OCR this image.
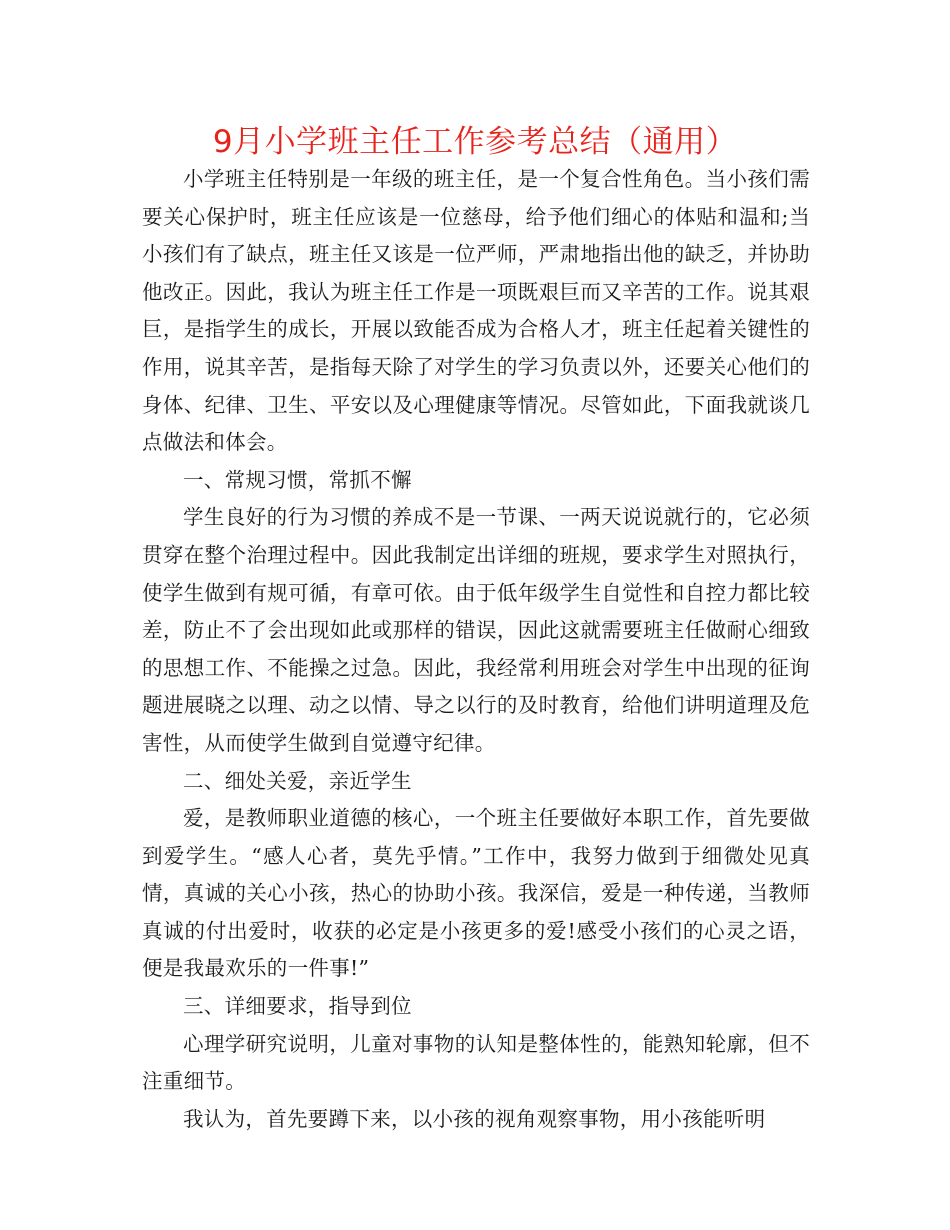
9月小学班主任工作参考总结（通用）

小学班主任特别是一年级的班主任，是一个复合性角色。当小孩们需要关心保护时，班主任应该是一位慈母，给予他们细心的体贴和温和;当小孩们有了缺点，班主任又该是一位严师，严肃地指出他的缺乏，并协助他改正。因此，我认为班主任工作是一项既艰巨而又辛苦的工作。说其艰巨，是指学生的成长，开展以致能否成为合格人才，班主任起着关键性的作用，说其辛苦，是指每天除了对学生的学习负责以外，还要关心他们的身体、纪律、卫生、平安以及心理健康等情况。尽管如此，下面我就谈几点做法和体会。

一、常规习惯，常抓不懈

学生良好的行为习惯的养成不是一节课、一两天说说就行的，它必须贯穿在整个治理过程中。因此我制定出详细的班规，要求学生对照执行，使学生做到有规可循，有章可依。由于低年级学生自觉性和自控力都比较差，防止不了会出现如此或那样的错误，因此这就需要班主任做耐心细致的思想工作、不能操之过急。因此，我经常利用班会对学生中出现的征询题进展晓之以理、动之以情、导之以行的及时教育，给他们讲明道理及危害性，从而使学生做到自觉遵守纪律。

二、细处关爱，亲近学生

爱，是教师职业道德的核心，一个班主任要做好本职工作，首先要做到爱学生。“感人心者，莫先乎情。”工作中，我努力做到于细微处见真情，真诚的关心小孩，热心的协助小孩。我深信，爱是一种传递，当教师真诚的付出爱时，收获的必定是小孩更多的爱!感受小孩们的心灵之语，便是我最欢乐的一件事!”

三、详细要求，指导到位

心理学研究说明，儿童对事物的认知是整体性的，能熟知轮廓，但不注重细节。

我认为，首先要蹲下来，以小孩的视角观察事物，用小孩能听明
